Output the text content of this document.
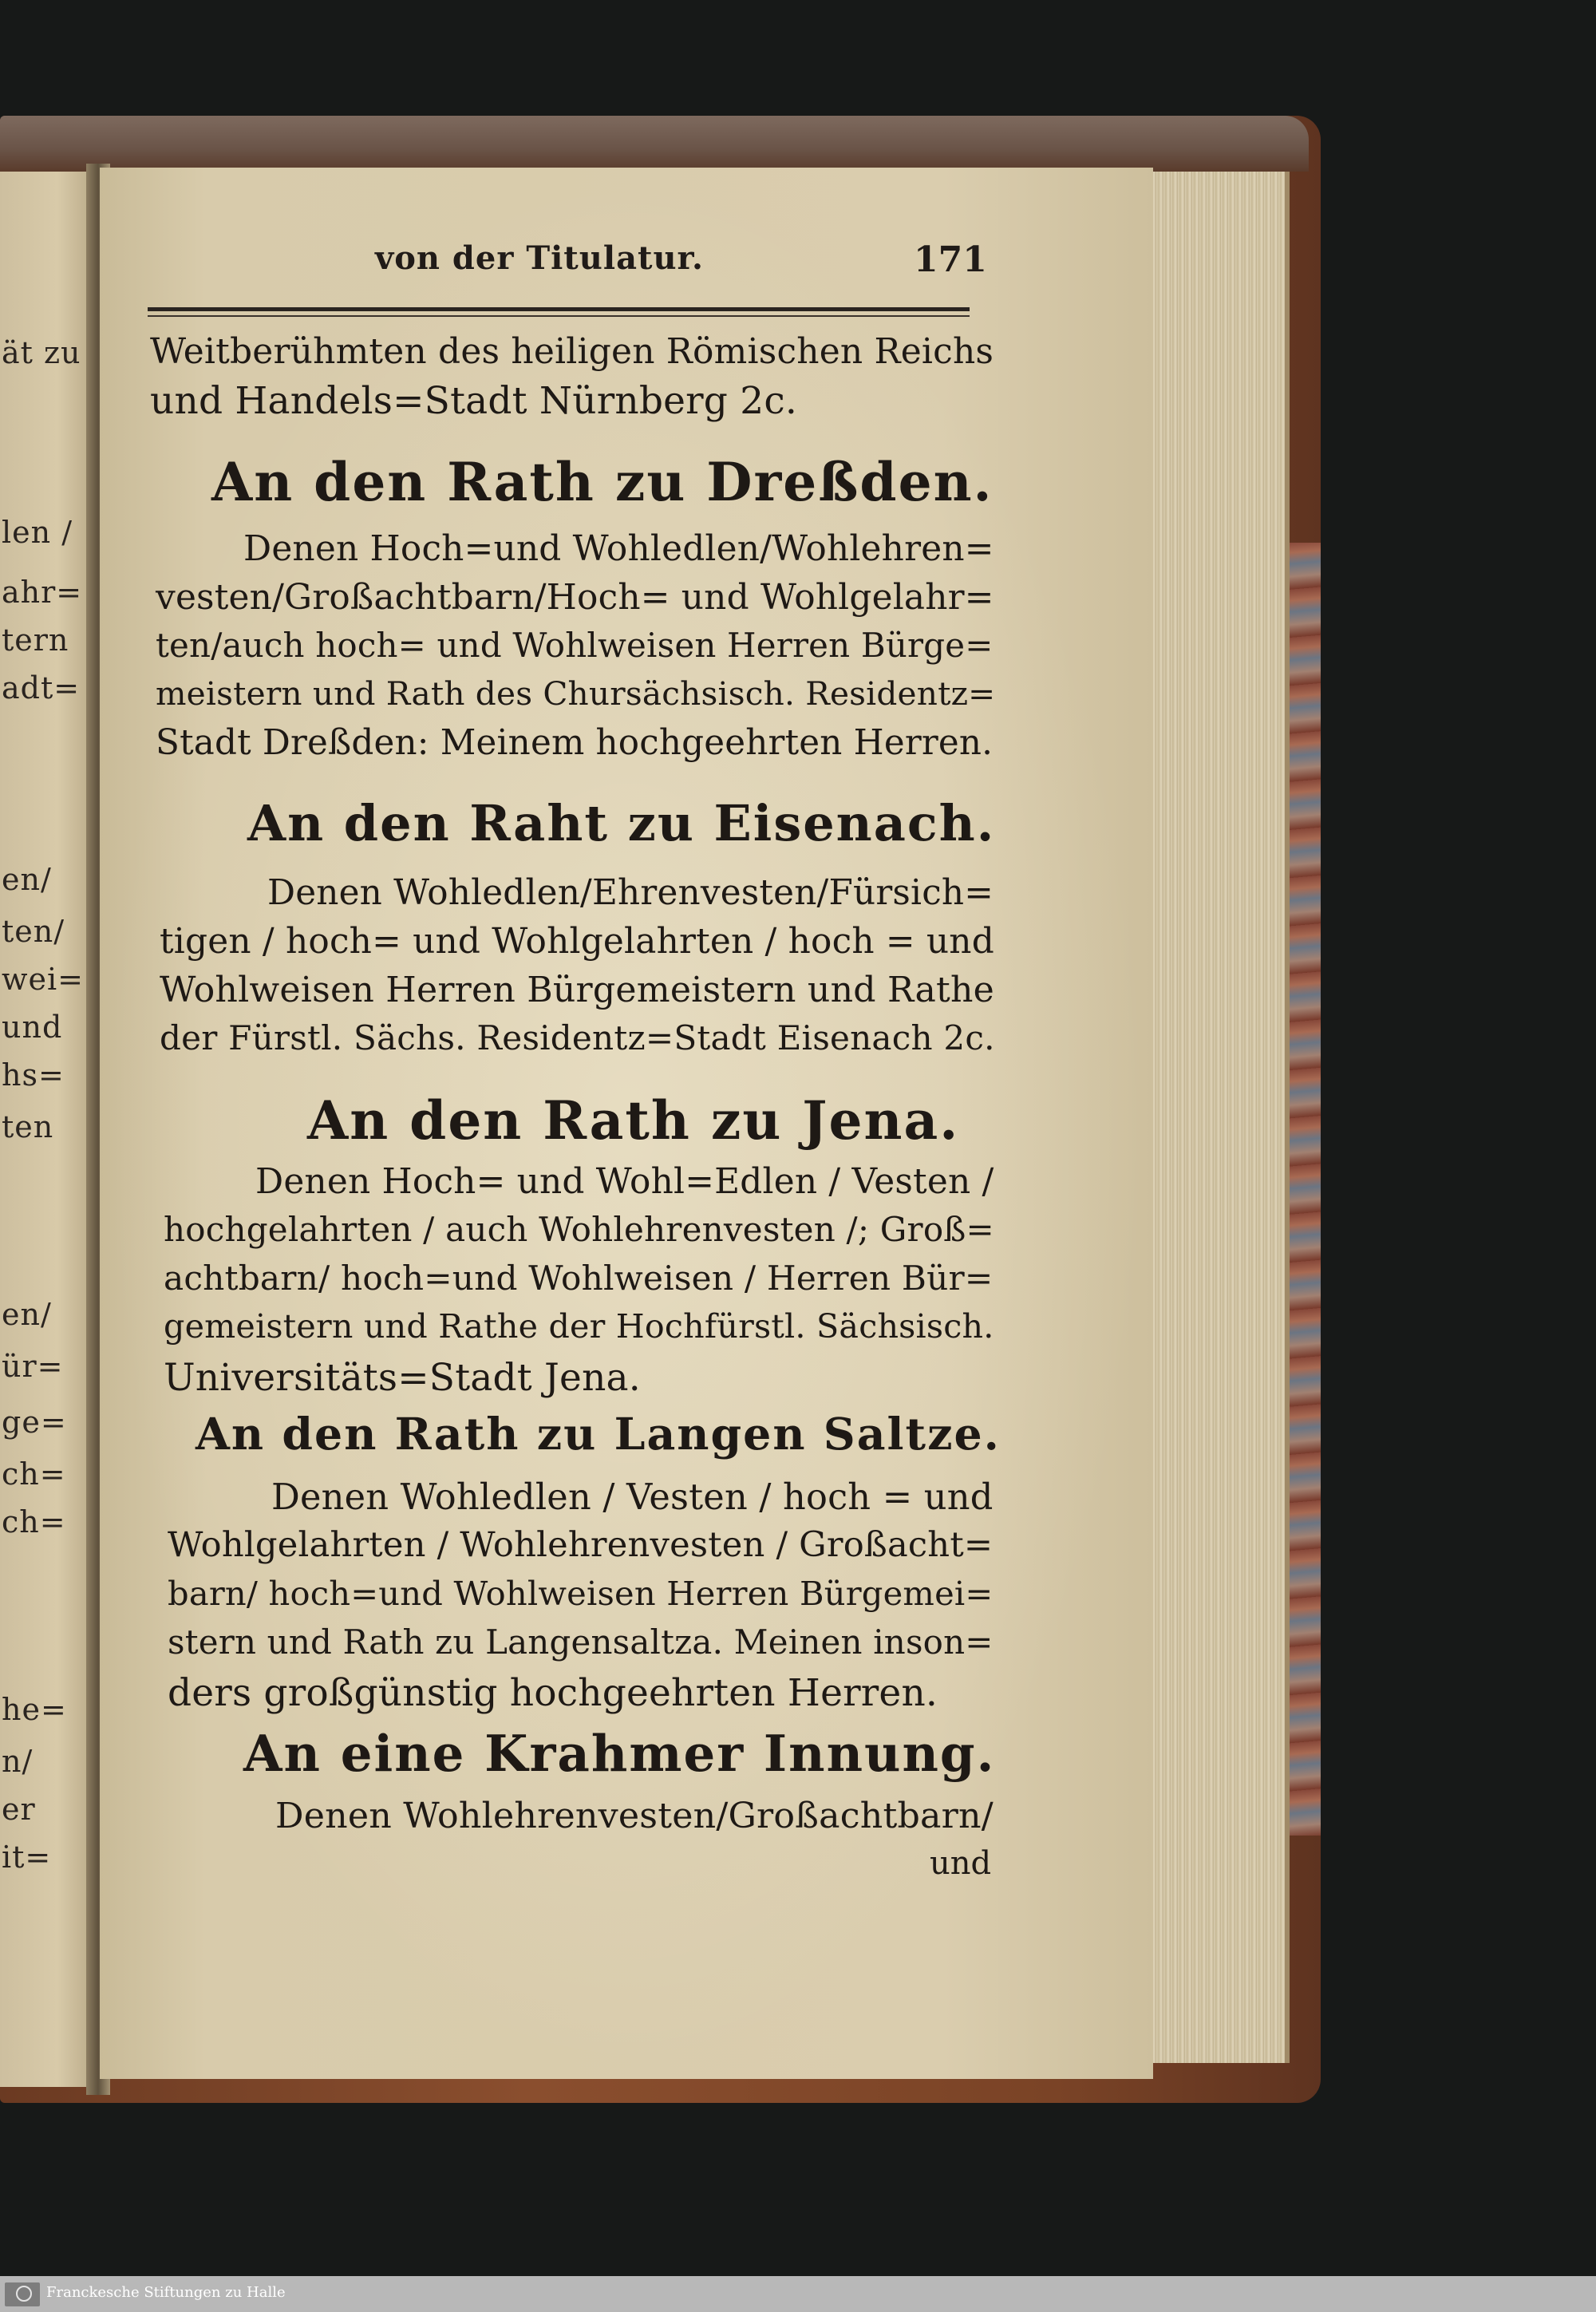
ät zu
len /
ahr=
tern
adt=
en/
ten/
wei=
und
hs=
ten
en/
ür=
ge=
ch=
ch=
he=
n/
er
it=
von der Titulatur.	171
Weitberühmten des heiligen Römischen Reichs
und Handels=Stadt Nürnberg 2c.
An den Rath zu Dreßden.
Denen Hoch=und Wohledlen/Wohlehren=
vesten/Großachtbarn/Hoch= und Wohlgelahr=
ten/auch hoch= und Wohlweisen Herren Bürge=
meistern und Rath des Chursächsisch. Residentz=
Stadt Dreßden: Meinem hochgeehrten Herren.
An den Raht zu Eisenach.
Denen Wohledlen/Ehrenvesten/Fürsich=
tigen / hoch= und Wohlgelahrten / hoch = und
Wohlweisen Herren Bürgemeistern und Rathe
der Fürstl. Sächs. Residentz=Stadt Eisenach 2c.
An den Rath zu Jena.
Denen Hoch= und Wohl=Edlen / Vesten /
hochgelahrten / auch Wohlehrenvesten /; Groß=
achtbarn/ hoch=und Wohlweisen / Herren Bür=
gemeistern und Rathe der Hochfürstl. Sächsisch.
Universitäts=Stadt Jena.
An den Rath zu Langen Saltze.
Denen Wohledlen / Vesten / hoch = und
Wohlgelahrten / Wohlehrenvesten / Großacht=
barn/ hoch=und Wohlweisen Herren Bürgemei=
stern und Rath zu Langensaltza. Meinen inson=
ders großgünstig hochgeehrten Herren.
An eine Krahmer Innung.
Denen Wohlehrenvesten/Großachtbarn/
und
Franckesche Stiftungen zu Halle
